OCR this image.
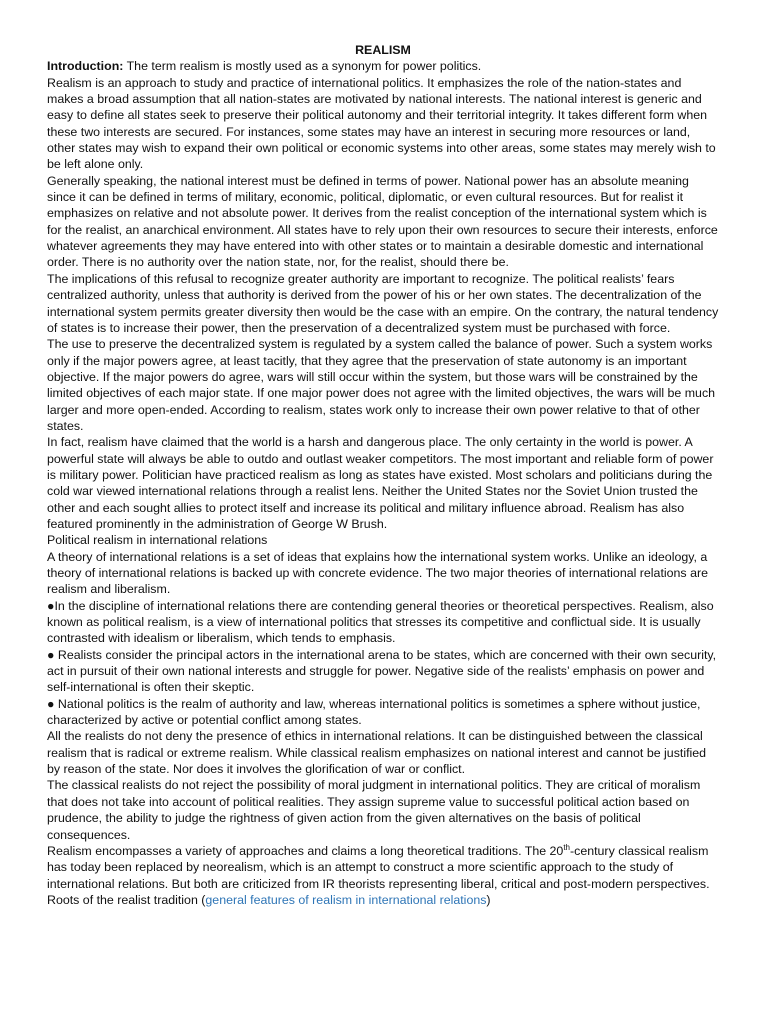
REALISM

Introduction: The term realism is mostly used as a synonym for power politics.

Realism is an approach to study and practice of international politics. It emphasizes the role of the nation-states and makes a broad assumption that all nation-states are motivated by national interests. The national interest is generic and easy to define all states seek to preserve their political autonomy and their territorial integrity. It takes different form when these two interests are secured. For instances, some states may have an interest in securing more resources or land, other states may wish to expand their own political or economic systems into other areas, some states may merely wish to be left alone only.

Generally speaking, the national interest must be defined in terms of power. National power has an absolute meaning since it can be defined in terms of military, economic, political, diplomatic, or even cultural resources. But for realist it emphasizes on relative and not absolute power. It derives from the realist conception of the international system which is for the realist, an anarchical environment. All states have to rely upon their own resources to secure their interests, enforce whatever agreements they may have entered into with other states or to maintain a desirable domestic and international order. There is no authority over the nation state, nor, for the realist, should there be.

The implications of this refusal to recognize greater authority are important to recognize. The political realists’ fears centralized authority, unless that authority is derived from the power of his or her own states. The decentralization of the international system permits greater diversity then would be the case with an empire. On the contrary, the natural tendency of states is to increase their power, then the preservation of a decentralized system must be purchased with force.

The use to preserve the decentralized system is regulated by a system called the balance of power. Such a system works only if the major powers agree, at least tacitly, that they agree that the preservation of state autonomy is an important objective. If the major powers do agree, wars will still occur within the system, but those wars will be constrained by the limited objectives of each major state. If one major power does not agree with the limited objectives, the wars will be much larger and more open-ended. According to realism, states work only to increase their own power relative to that of other states.

In fact, realism have claimed that the world is a harsh and dangerous place. The only certainty in the world is power. A powerful state will always be able to outdo and outlast weaker competitors. The most important and reliable form of power is military power. Politician have practiced realism as long as states have existed. Most scholars and politicians during the cold war viewed international relations through a realist lens. Neither the United States nor the Soviet Union trusted the other and each sought allies to protect itself and increase its political and military influence abroad. Realism has also featured prominently in the administration of George W Brush.

Political realism in international relations

A theory of international relations is a set of ideas that explains how the international system works. Unlike an ideology, a theory of international relations is backed up with concrete evidence. The two major theories of international relations are realism and liberalism.

●In the discipline of international relations there are contending general theories or theoretical perspectives. Realism, also known as political realism, is a view of international politics that stresses its competitive and conflictual side. It is usually contrasted with idealism or liberalism, which tends to emphasis.

● Realists consider the principal actors in the international arena to be states, which are concerned with their own security, act in pursuit of their own national interests and struggle for power. Negative side of the realists’ emphasis on power and self-international is often their skeptic.

● National politics is the realm of authority and law, whereas international politics is sometimes a sphere without justice, characterized by active or potential conflict among states.

All the realists do not deny the presence of ethics in international relations. It can be distinguished between the classical realism that is radical or extreme realism. While classical realism emphasizes on national interest and cannot be justified by reason of the state. Nor does it involves the glorification of war or conflict.

The classical realists do not reject the possibility of moral judgment in international politics. They are critical of moralism that does not take into account of political realities. They assign supreme value to successful political action based on prudence, the ability to judge the rightness of given action from the given alternatives on the basis of political consequences.

Realism encompasses a variety of approaches and claims a long theoretical traditions. The 20th-century classical realism has today been replaced by neorealism, which is an attempt to construct a more scientific approach to the study of international relations. But both are criticized from IR theorists representing liberal, critical and post-modern perspectives.

Roots of the realist tradition (general features of realism in international relations)
